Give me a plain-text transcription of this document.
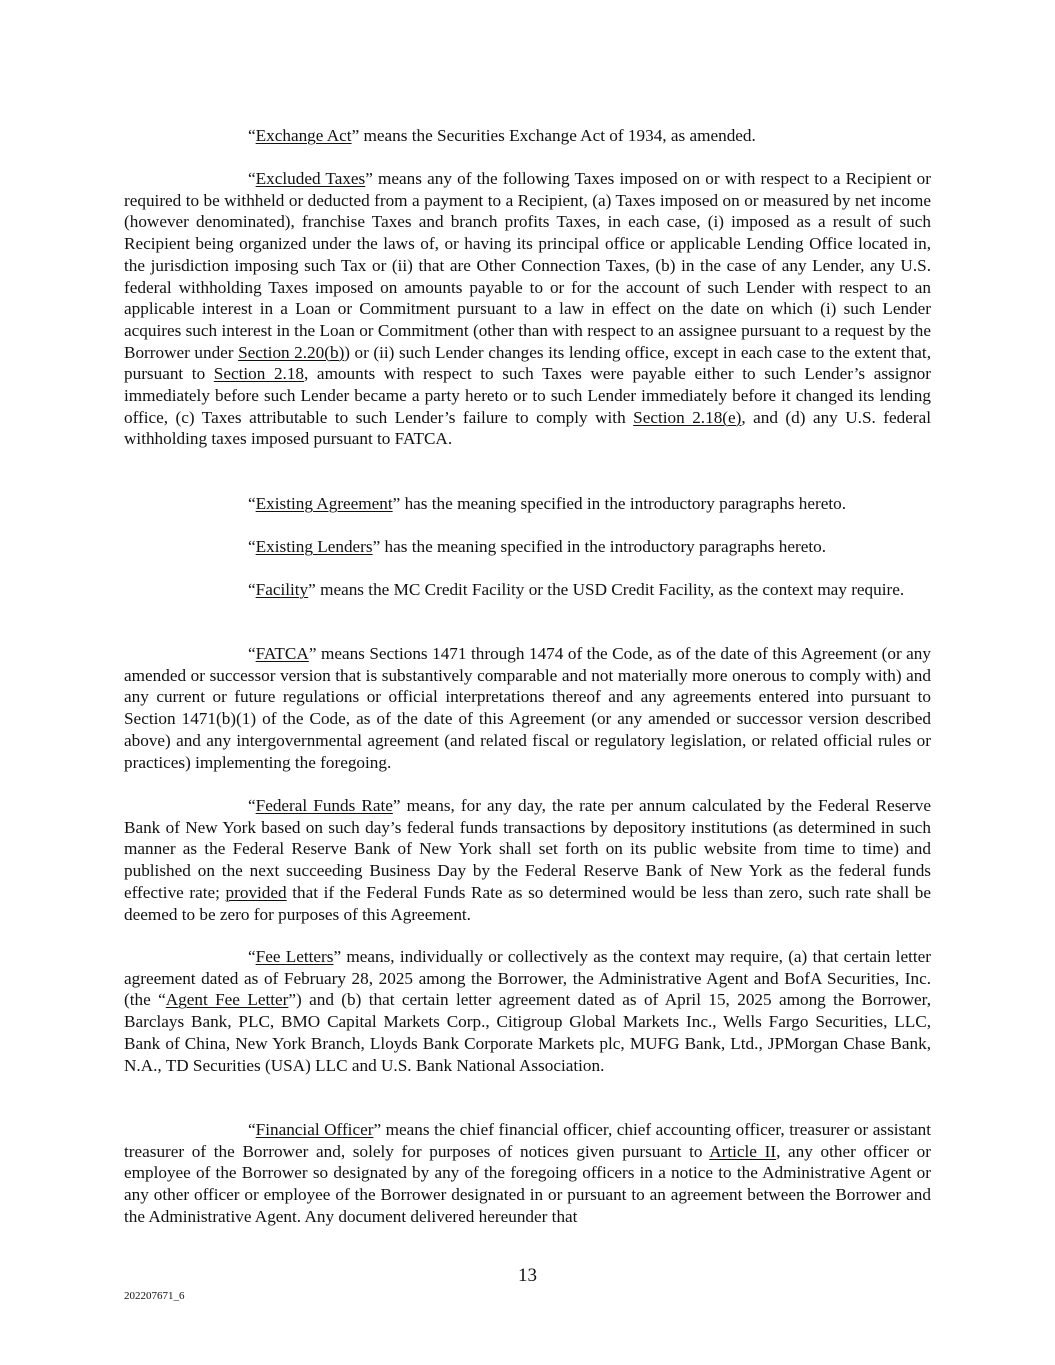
“Exchange Act” means the Securities Exchange Act of 1934, as amended.

“Excluded Taxes” means any of the following Taxes imposed on or with respect to a Recipient or required to be withheld or deducted from a payment to a Recipient, (a) Taxes imposed on or measured by net income (however denominated), franchise Taxes and branch profits Taxes, in each case, (i) imposed as a result of such Recipient being organized under the laws of, or having its principal office or applicable Lending Office located in, the jurisdiction imposing such Tax or (ii) that are Other Connection Taxes, (b) in the case of any Lender, any U.S. federal withholding Taxes imposed on amounts payable to or for the account of such Lender with respect to an applicable interest in a Loan or Commitment pursuant to a law in effect on the date on which (i) such Lender acquires such interest in the Loan or Commitment (other than with respect to an assignee pursuant to a request by the Borrower under Section 2.20(b)) or (ii) such Lender changes its lending office, except in each case to the extent that, pursuant to Section 2.18, amounts with respect to such Taxes were payable either to such Lender’s assignor immediately before such Lender became a party hereto or to such Lender immediately before it changed its lending office, (c) Taxes attributable to such Lender’s failure to comply with Section 2.18(e), and (d) any U.S. federal withholding taxes imposed pursuant to FATCA.

“Existing Agreement” has the meaning specified in the introductory paragraphs hereto.

“Existing Lenders” has the meaning specified in the introductory paragraphs hereto.

“Facility” means the MC Credit Facility or the USD Credit Facility, as the context may require.

“FATCA” means Sections 1471 through 1474 of the Code, as of the date of this Agreement (or any amended or successor version that is substantively comparable and not materially more onerous to comply with) and any current or future regulations or official interpretations thereof and any agreements entered into pursuant to Section 1471(b)(1) of the Code, as of the date of this Agreement (or any amended or successor version described above) and any intergovernmental agreement (and related fiscal or regulatory legislation, or related official rules or practices) implementing the foregoing.

“Federal Funds Rate” means, for any day, the rate per annum calculated by the Federal Reserve Bank of New York based on such day’s federal funds transactions by depository institutions (as determined in such manner as the Federal Reserve Bank of New York shall set forth on its public website from time to time) and published on the next succeeding Business Day by the Federal Reserve Bank of New York as the federal funds effective rate; provided that if the Federal Funds Rate as so determined would be less than zero, such rate shall be deemed to be zero for purposes of this Agreement.

“Fee Letters” means, individually or collectively as the context may require, (a) that certain letter agreement dated as of February 28, 2025 among the Borrower, the Administrative Agent and BofA Securities, Inc. (the “Agent Fee Letter”) and (b) that certain letter agreement dated as of April 15, 2025 among the Borrower, Barclays Bank, PLC, BMO Capital Markets Corp., Citigroup Global Markets Inc., Wells Fargo Securities, LLC, Bank of China, New York Branch, Lloyds Bank Corporate Markets plc, MUFG Bank, Ltd., JPMorgan Chase Bank, N.A., TD Securities (USA) LLC and U.S. Bank National Association.

“Financial Officer” means the chief financial officer, chief accounting officer, treasurer or assistant treasurer of the Borrower and, solely for purposes of notices given pursuant to Article II, any other officer or employee of the Borrower so designated by any of the foregoing officers in a notice to the Administrative Agent or any other officer or employee of the Borrower designated in or pursuant to an agreement between the Borrower and the Administrative Agent. Any document delivered hereunder that

13
202207671_6
